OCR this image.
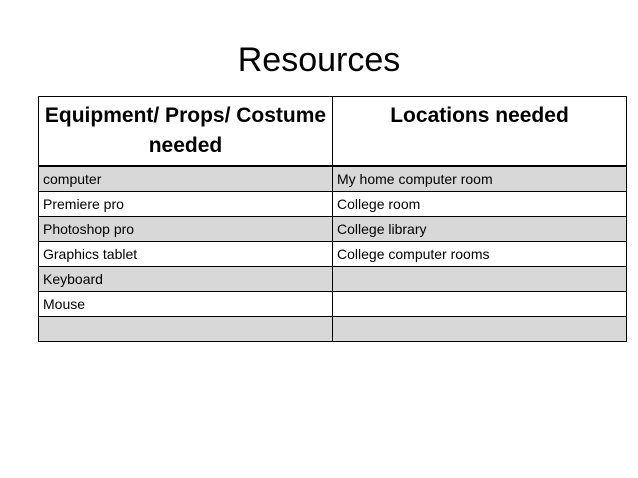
Resources
Equipment/ Props/ Costume needed	Locations needed
computer	My home computer room
Premiere pro	College room
Photoshop pro	College library
Graphics tablet	College computer rooms
Keyboard	
Mouse	
